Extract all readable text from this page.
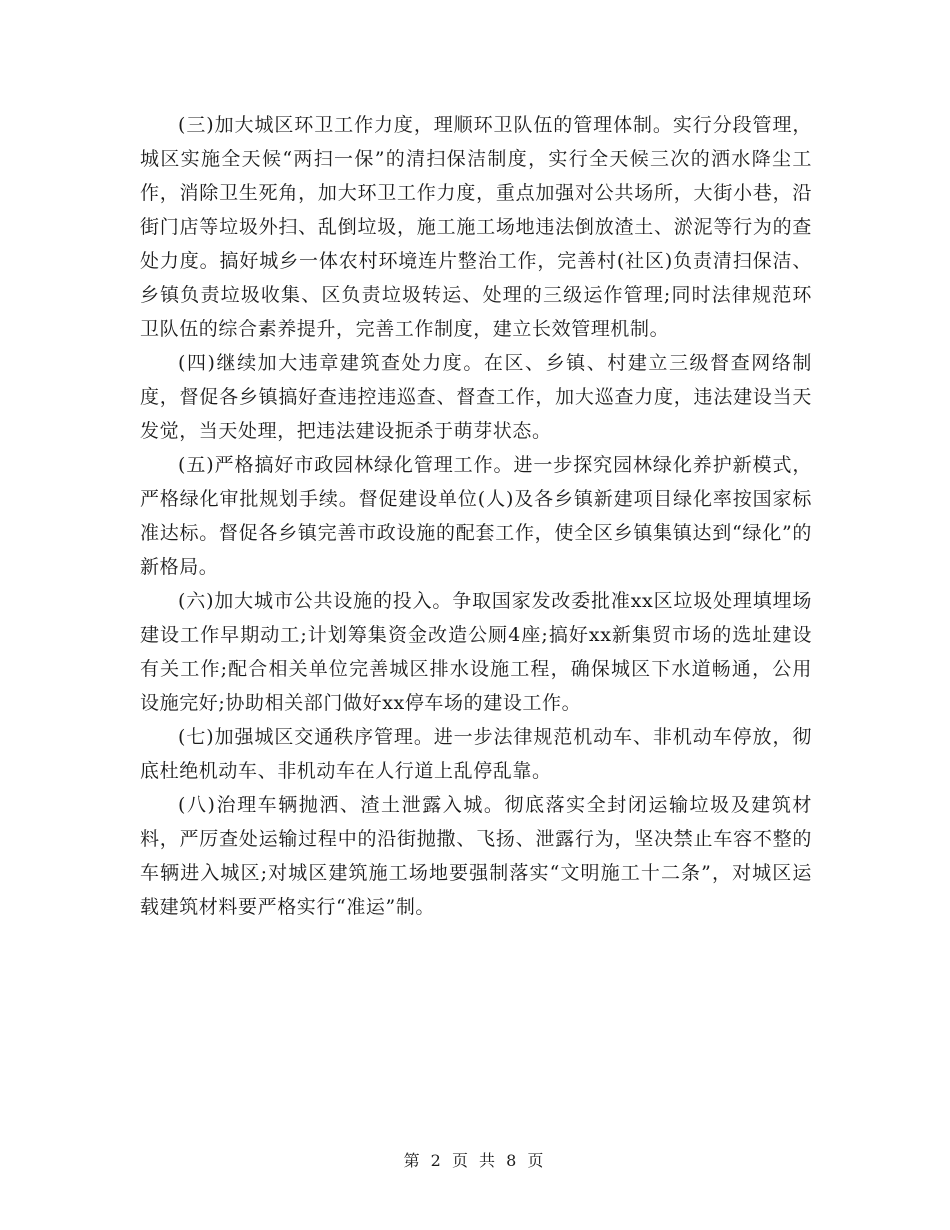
(三)加大城区环卫工作力度，理顺环卫队伍的管理体制。实行分段管理，城区实施全天候“两扫一保”的清扫保洁制度，实行全天候三次的洒水降尘工作，消除卫生死角，加大环卫工作力度，重点加强对公共场所，大街小巷，沿街门店等垃圾外扫、乱倒垃圾，施工施工场地违法倒放渣土、淤泥等行为的查处力度。搞好城乡一体农村环境连片整治工作，完善村(社区)负责清扫保洁、乡镇负责垃圾收集、区负责垃圾转运、处理的三级运作管理;同时法律规范环卫队伍的综合素养提升，完善工作制度，建立长效管理机制。

(四)继续加大违章建筑查处力度。在区、乡镇、村建立三级督查网络制度，督促各乡镇搞好查违控违巡查、督查工作，加大巡查力度，违法建设当天发觉，当天处理，把违法建设扼杀于萌芽状态。

(五)严格搞好市政园林绿化管理工作。进一步探究园林绿化养护新模式，严格绿化审批规划手续。督促建设单位(人)及各乡镇新建项目绿化率按国家标准达标。督促各乡镇完善市政设施的配套工作，使全区乡镇集镇达到“绿化”的新格局。

(六)加大城市公共设施的投入。争取国家发改委批准xx区垃圾处理填埋场建设工作早期动工;计划筹集资金改造公厕4座;搞好xx新集贸市场的选址建设有关工作;配合相关单位完善城区排水设施工程，确保城区下水道畅通，公用设施完好;协助相关部门做好xx停车场的建设工作。

(七)加强城区交通秩序管理。进一步法律规范机动车、非机动车停放，彻底杜绝机动车、非机动车在人行道上乱停乱靠。

(八)治理车辆抛洒、渣土泄露入城。彻底落实全封闭运输垃圾及建筑材料，严厉查处运输过程中的沿街抛撒、飞扬、泄露行为，坚决禁止车容不整的车辆进入城区;对城区建筑施工场地要强制落实“文明施工十二条”，对城区运载建筑材料要严格实行“准运”制。

第 2 页 共 8 页
